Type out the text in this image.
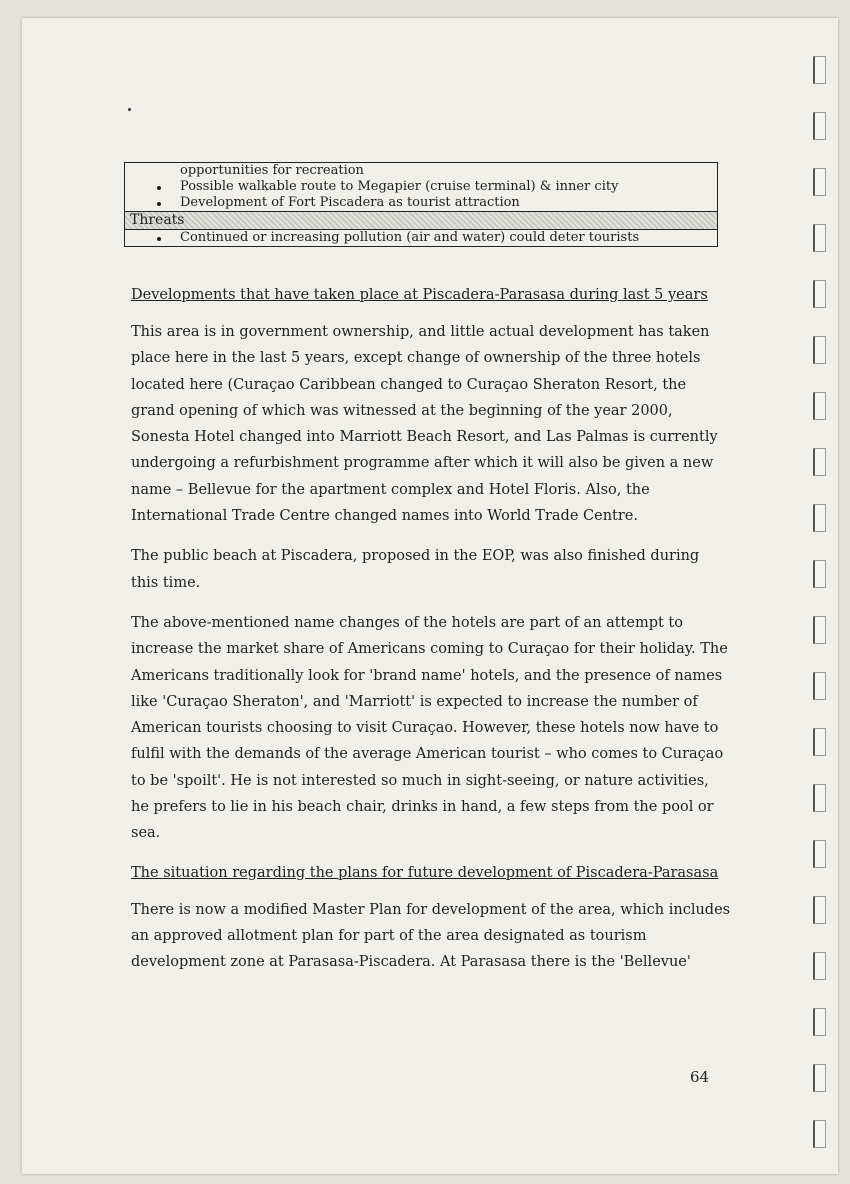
opportunities for recreation
Possible walkable route to Megapier (cruise terminal) & inner city
Development of Fort Piscadera as tourist attraction
Threats
Continued or increasing pollution (air and water) could deter tourists

Developments that have taken place at Piscadera-Parasasa during last 5 years

This area is in government ownership, and little actual development has taken place here in the last 5 years, except change of ownership of the three hotels located here (Curaçao Caribbean changed to Curaçao Sheraton Resort, the grand opening of which was witnessed at the beginning of the year 2000, Sonesta Hotel changed into Marriott Beach Resort, and Las Palmas is currently undergoing a refurbishment programme after which it will also be given a new name – Bellevue for the apartment complex and Hotel Floris. Also, the International Trade Centre changed names into World Trade Centre.

The public beach at Piscadera, proposed in the EOP, was also finished during this time.

The above-mentioned name changes of the hotels are part of an attempt to increase the market share of Americans coming to Curaçao for their holiday. The Americans traditionally look for 'brand name' hotels, and the presence of names like 'Curaçao Sheraton', and 'Marriott' is expected to increase the number of American tourists choosing to visit Curaçao. However, these hotels now have to fulfil with the demands of the average American tourist – who comes to Curaçao to be 'spoilt'. He is not interested so much in sight-seeing, or nature activities, he prefers to lie in his beach chair, drinks in hand, a few steps from the pool or sea.

The situation regarding the plans for future development of Piscadera-Parasasa

There is now a modified Master Plan for development of the area, which includes an approved allotment plan for part of the area designated as tourism development zone at Parasasa-Piscadera. At Parasasa there is the 'Bellevue'

64
